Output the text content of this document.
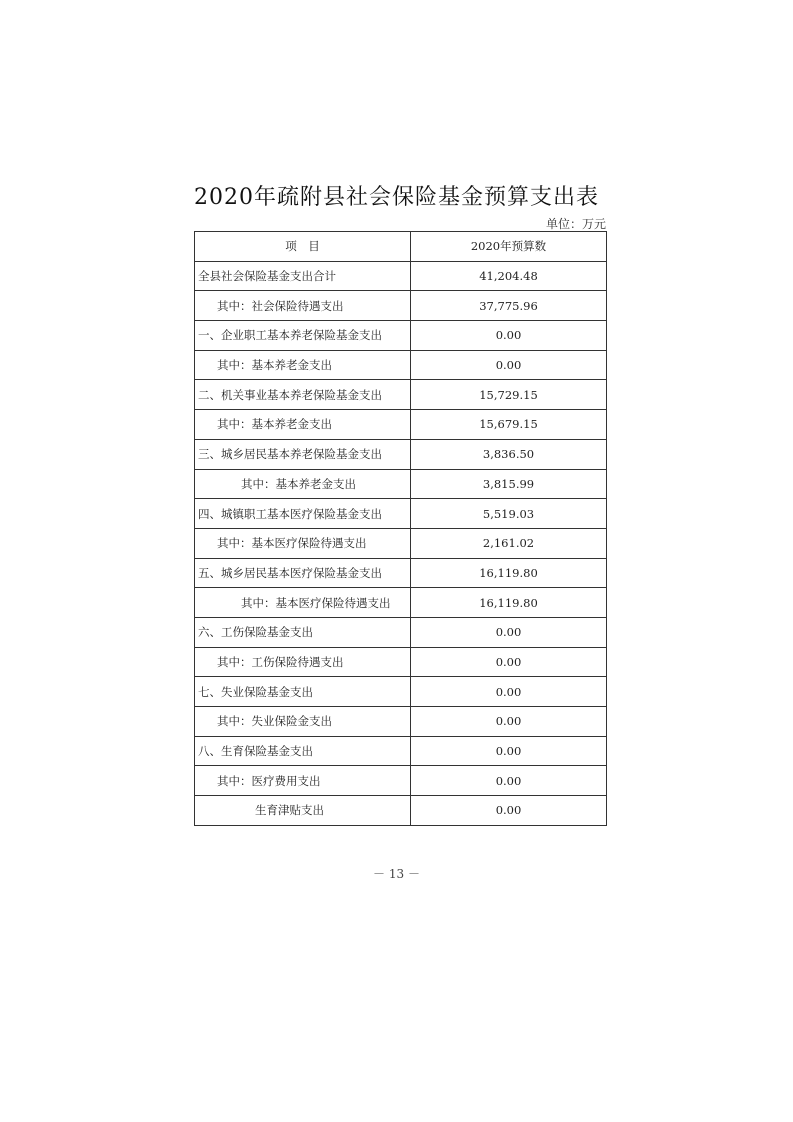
2020年疏附县社会保险基金预算支出表
单位：万元
项　目	2020年预算数
全县社会保险基金支出合计	41,204.48
其中：社会保险待遇支出	37,775.96
一、企业职工基本养老保险基金支出	0.00
其中：基本养老金支出	0.00
二、机关事业基本养老保险基金支出	15,729.15
其中：基本养老金支出	15,679.15
三、城乡居民基本养老保险基金支出	3,836.50
其中：基本养老金支出	3,815.99
四、城镇职工基本医疗保险基金支出	5,519.03
其中：基本医疗保险待遇支出	2,161.02
五、城乡居民基本医疗保险基金支出	16,119.80
其中：基本医疗保险待遇支出	16,119.80
六、工伤保险基金支出	0.00
其中：工伤保险待遇支出	0.00
七、失业保险基金支出	0.00
其中：失业保险金支出	0.00
八、生育保险基金支出	0.00
其中：医疗费用支出	0.00
生育津贴支出	0.00
－ 13 －
